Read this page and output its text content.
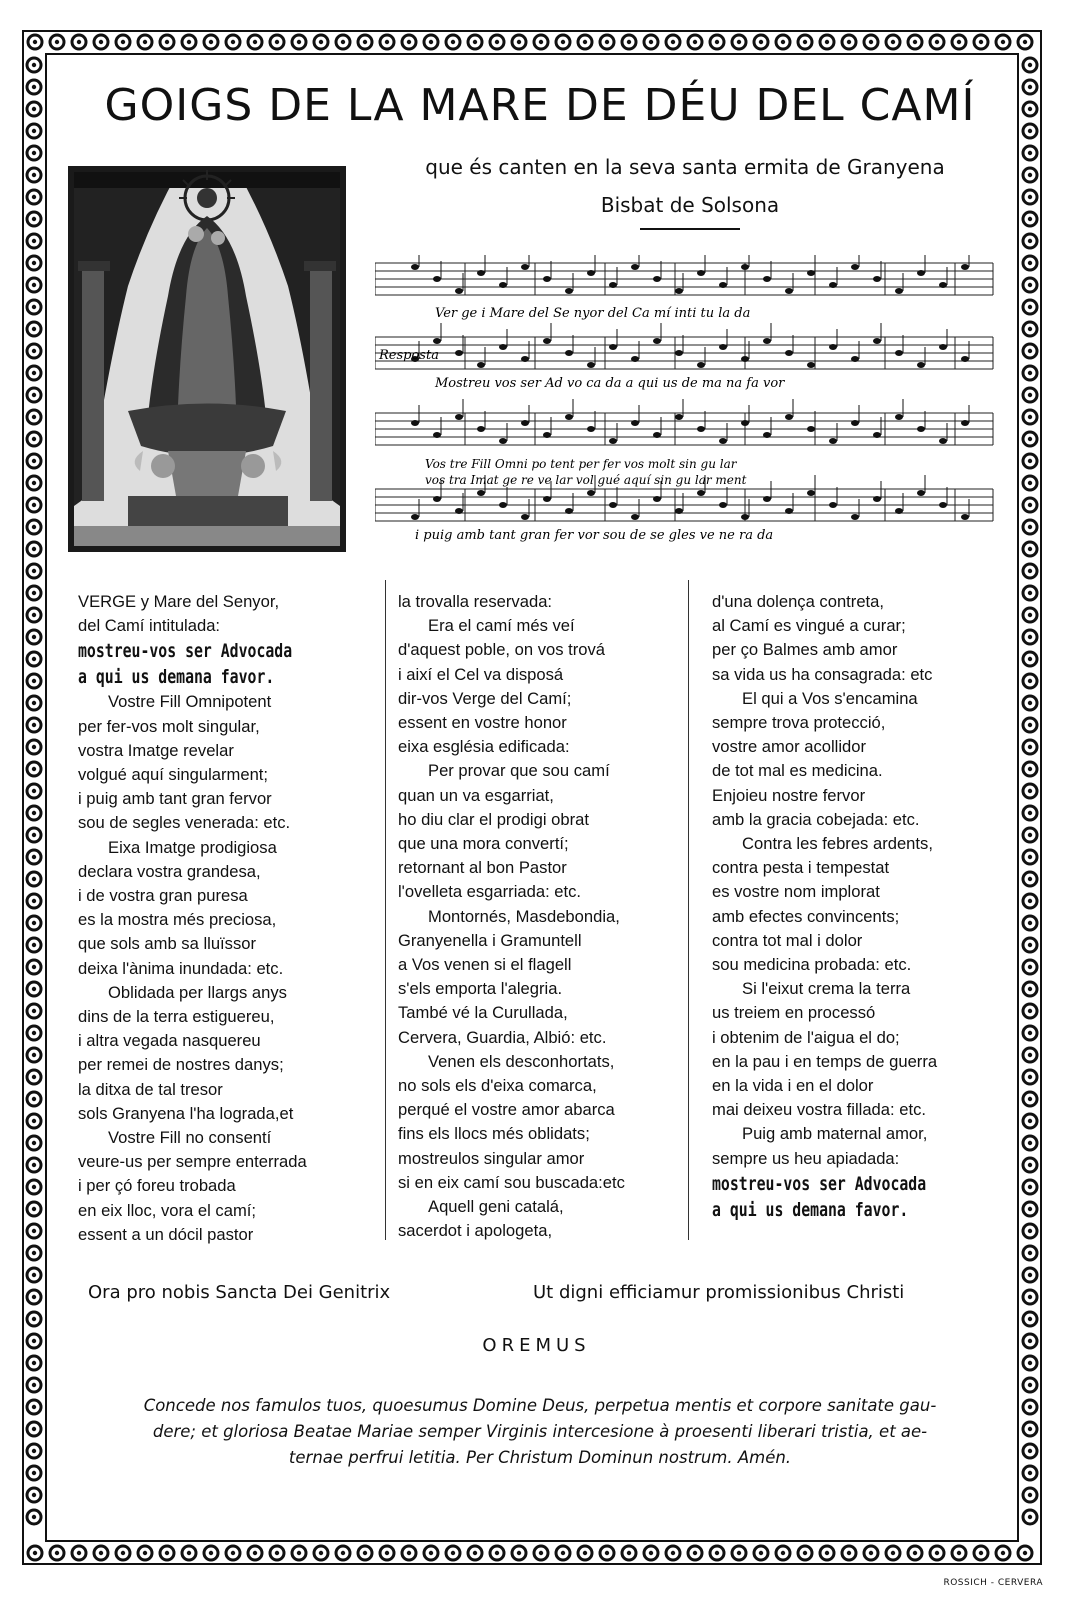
GOIGS DE LA MARE DE DÉU DEL CAMÍ

que és canten en la seva santa ermita de Granyena

Bisbat de Solsona

Resposta
Ver ge i Mare del Se nyor del Ca mí inti tu la da
Mostreu vos ser Ad vo ca da a qui us de ma na fa vor
Vos tre Fill Omni po tent per fer vos molt sin gu lar
vos tra Imat ge re ve lar vol gué aquí sin gu lar ment
i puig amb tant gran fer vor sou de se gles ve ne ra da

VERGE y Mare del Senyor,

del Camí intitulada:

mostreu-vos ser Advocada

a qui us demana favor.

Vostre Fill Omnipotent

per fer-vos molt singular,

vostra Imatge revelar

volgué aquí singularment;

i puig amb tant gran fervor

sou de segles venerada: etc.

Eixa Imatge prodigiosa

declara vostra grandesa,

i de vostra gran puresa

es la mostra més preciosa,

que sols amb sa lluïssor

deixa l'ànima inundada: etc.

Oblidada per llargs anys

dins de la terra estiguereu,

i altra vegada nasquereu

per remei de nostres danys;

la ditxa de tal tresor

sols Granyena l'ha lograda,et

Vostre Fill no consentí

veure-us per sempre enterrada

i per çó foreu trobada

en eix lloc, vora el camí;

essent a un dócil pastor

la trovalla reservada:

Era el camí més veí

d'aquest poble, on vos trová

i així el Cel va disposá

dir-vos Verge del Camí;

essent en vostre honor

eixa església edificada:

Per provar que sou camí

quan un va esgarriat,

ho diu clar el prodigi obrat

que una mora convertí;

retornant al bon Pastor

l'ovelleta esgarriada: etc.

Montornés, Masdebondia,

Granyenella i Gramuntell

a Vos venen si el flagell

s'els emporta l'alegria.

També vé la Curullada,

Cervera, Guardia, Albió: etc.

Venen els desconhortats,

no sols els d'eixa comarca,

perqué el vostre amor abarca

fins els llocs més oblidats;

mostreulos singular amor

si en eix camí sou buscada:etc

Aquell geni catalá,

sacerdot i apologeta,

d'una dolença contreta,

al Camí es vingué a curar;

per ço Balmes amb amor

sa vida us ha consagrada: etc

El qui a Vos s'encamina

sempre trova protecció,

vostre amor acollidor

de tot mal es medicina.

Enjoieu nostre fervor

amb la gracia cobejada: etc.

Contra les febres ardents,

contra pesta i tempestat

es vostre nom implorat

amb efectes convincents;

contra tot mal i dolor

sou medicina probada: etc.

Si l'eixut crema la terra

us treiem en processó

i obtenim de l'aigua el do;

en la pau i en temps de guerra

en la vida i en el dolor

mai deixeu vostra fillada: etc.

Puig amb maternal amor,

sempre us heu apiadada:

mostreu-vos ser Advocada

a qui us demana favor.

Ora pro nobis Sancta Dei Genitrix	Ut digni efficiamur promissionibus Christi

OREMUS

Concede nos famulos tuos, quoesumus Domine Deus, perpetua mentis et corpore sanitate gau-
dere; et gloriosa Beatae Mariae semper Virginis intercesione à proesenti liberari tristia, et ae-
ternae perfrui letitia. Per Christum Dominun nostrum. Amén.

ROSSICH - CERVERA
